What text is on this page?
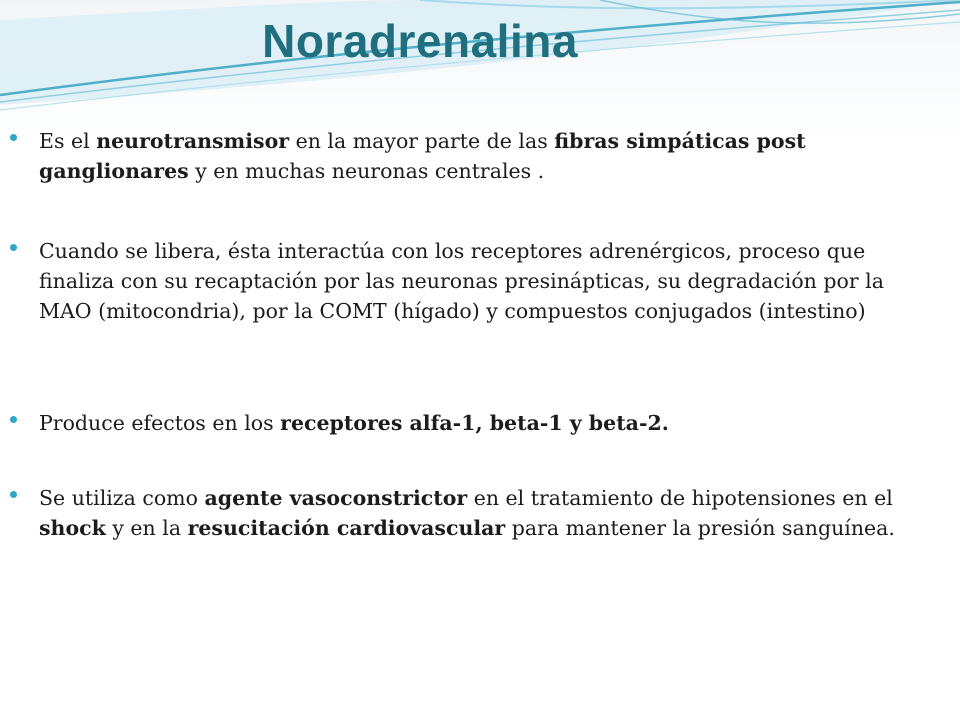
Noradrenalina

Es el neurotransmisor en la mayor parte de las fibras simpáticas post ganglionares y en muchas neuronas centrales .

Cuando se libera, ésta interactúa con los receptores adrenérgicos, proceso que finaliza con su recaptación por las neuronas presinápticas, su degradación por la MAO (mitocondria), por la COMT (hígado) y compuestos conjugados (intestino)

Produce efectos en los receptores alfa-1, beta-1 y beta-2.

Se utiliza como agente vasoconstrictor en el tratamiento de hipotensiones en el shock y en la resucitación cardiovascular para mantener la presión sanguínea.
